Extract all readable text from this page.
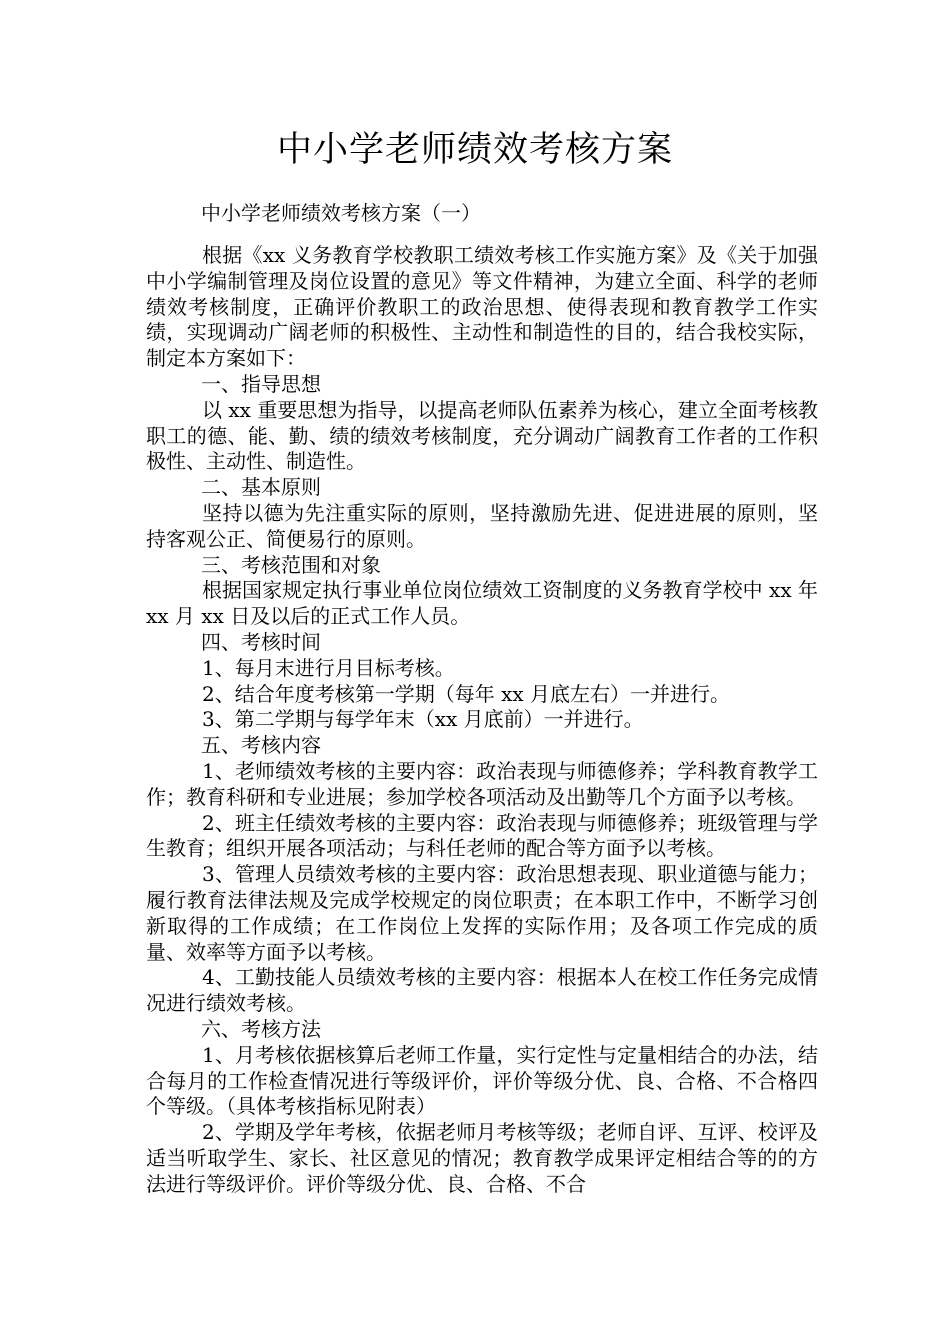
中小学老师绩效考核方案
中小学老师绩效考核方案（一）

根据《xx 义务教育学校教职工绩效考核工作实施方案》及《关于加强中小学编制管理及岗位设置的意见》等文件精神，为建立全面、科学的老师绩效考核制度，正确评价教职工的政治思想、使得表现和教育教学工作实绩，实现调动广阔老师的积极性、主动性和制造性的目的，结合我校实际，制定本方案如下：

一、指导思想

以 xx 重要思想为指导，以提高老师队伍素养为核心，建立全面考核教职工的德、能、勤、绩的绩效考核制度，充分调动广阔教育工作者的工作积极性、主动性、制造性。

二、基本原则

坚持以德为先注重实际的原则，坚持激励先进、促进进展的原则，坚持客观公正、简便易行的原则。

三、考核范围和对象

根据国家规定执行事业单位岗位绩效工资制度的义务教育学校中 xx 年 xx 月 xx 日及以后的正式工作人员。

四、考核时间

1、每月末进行月目标考核。

2、结合年度考核第一学期（每年 xx 月底左右）一并进行。

3、第二学期与每学年末（xx 月底前）一并进行。

五、考核内容

1、老师绩效考核的主要内容：政治表现与师德修养；学科教育教学工作；教育科研和专业进展；参加学校各项活动及出勤等几个方面予以考核。

2、班主任绩效考核的主要内容：政治表现与师德修养；班级管理与学生教育；组织开展各项活动；与科任老师的配合等方面予以考核。

3、管理人员绩效考核的主要内容：政治思想表现、职业道德与能力；履行教育法律法规及完成学校规定的岗位职责；在本职工作中，不断学习创新取得的工作成绩；在工作岗位上发挥的实际作用；及各项工作完成的质量、效率等方面予以考核。

4、工勤技能人员绩效考核的主要内容：根据本人在校工作任务完成情况进行绩效考核。

六、考核方法

1、月考核依据核算后老师工作量，实行定性与定量相结合的办法，结合每月的工作检查情况进行等级评价，评价等级分优、良、合格、不合格四个等级。（具体考核指标见附表）

2、学期及学年考核，依据老师月考核等级；老师自评、互评、校评及适当听取学生、家长、社区意见的情况；教育教学成果评定相结合等的的方法进行等级评价。评价等级分优、良、合格、不合
